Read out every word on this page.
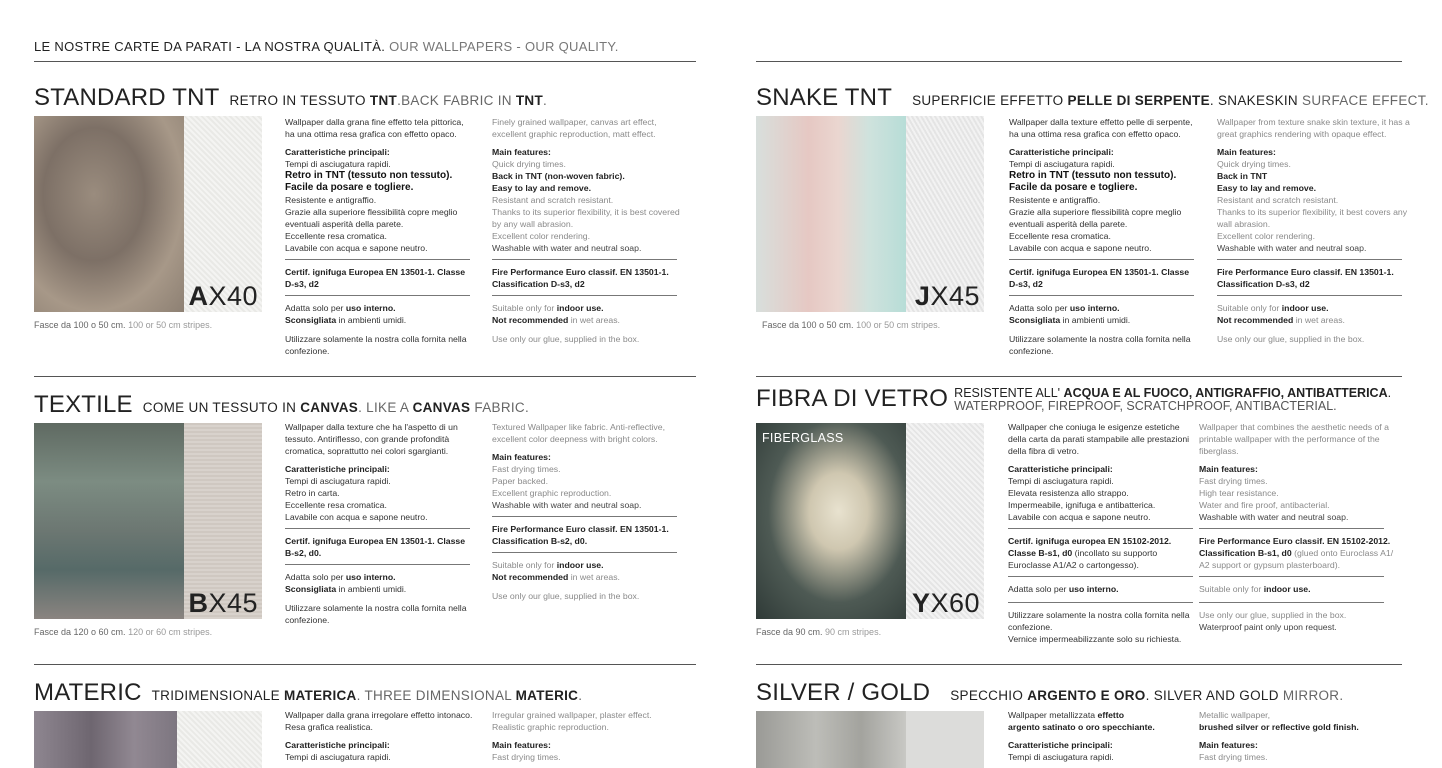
LE NOSTRE CARTE DA PARATI - LA NOSTRA QUALITÀ. OUR WALLPAPERS - OUR QUALITY.
STANDARD TNT RETRO IN TESSUTO TNT.BACK FABRIC IN TNT.
AX40
Fasce da 100 o 50 cm. 100 or 50 cm stripes.

Wallpaper dalla grana fine effetto tela pittorica, ha una ottima resa grafica con effetto opaco.

Caratteristiche principali:
Tempi di asciugatura rapidi.
Retro in TNT (tessuto non tessuto).
Facile da posare e togliere.
Resistente e antigraffio.
Grazie alla superiore flessibilità copre meglio eventuali asperità della parete.
Eccellente resa cromatica.
Lavabile con acqua e sapone neutro.
Certif. ignifuga Europea EN 13501-1. Classe D-s3, d2
Adatta solo per uso interno.

Sconsigliata in ambienti umidi.

Utilizzare solamente la nostra colla fornita nella confezione.

Finely grained wallpaper, canvas art effect, excellent graphic reproduction, matt effect.

Main features:
Quick drying times.
Back in TNT (non-woven fabric).
Easy to lay and remove.
Resistant and scratch resistant.
Thanks to its superior flexibility, it is best covered by any wall abrasion.
Excellent color rendering.
Washable with water and neutral soap.
Fire Performance Euro classif. EN 13501-1. Classification D-s3, d2
Suitable only for indoor use.

Not recommended in wet areas.

Use only our glue, supplied in the box.

TEXTILE COME UN TESSUTO IN CANVAS. LIKE A CANVAS FABRIC.
BX45
Fasce da 120 o 60 cm. 120 or 60 cm stripes.

Wallpaper dalla texture che ha l'aspetto di un tessuto. Antiriflesso, con grande profondità cromatica, soprattutto nei colori sgargianti.

Caratteristiche principali:
Tempi di asciugatura rapidi.
Retro in carta.
Eccellente resa cromatica.
Lavabile con acqua e sapone neutro.
Certif. ignifuga Europea EN 13501-1. Classe B-s2, d0.
Adatta solo per uso interno.

Sconsigliata in ambienti umidi.

Utilizzare solamente la nostra colla fornita nella confezione.

Textured Wallpaper like fabric. Anti-reflective, excellent color deepness with bright colors.

Main features:
Fast drying times.
Paper backed.
Excellent graphic reproduction.
Washable with water and neutral soap.
Fire Performance Euro classif. EN 13501-1. Classification B-s2, d0.
Suitable only for indoor use.

Not recommended in wet areas.

Use only our glue, supplied in the box.

MATERIC TRIDIMENSIONALE MATERICA. THREE DIMENSIONAL MATERIC.

Wallpaper dalla grana irregolare effetto intonaco. Resa grafica realistica.

Caratteristiche principali:
Tempi di asciugatura rapidi.

Irregular grained wallpaper, plaster effect. Realistic graphic reproduction.

Main features:
Fast drying times.
SNAKE TNT SUPERFICIE EFFETTO PELLE DI SERPENTE. SNAKESKIN SURFACE EFFECT.
JX45
Fasce da 100 o 50 cm. 100 or 50 cm stripes.

Wallpaper dalla texture effetto pelle di serpente, ha una ottima resa grafica con effetto opaco.

Caratteristiche principali:
Tempi di asciugatura rapidi.
Retro in TNT (tessuto non tessuto).
Facile da posare e togliere.
Resistente e antigraffio.
Grazie alla superiore flessibilità copre meglio eventuali asperità della parete.
Eccellente resa cromatica.
Lavabile con acqua e sapone neutro.
Certif. ignifuga Europea EN 13501-1. Classe D-s3, d2
Adatta solo per uso interno.

Sconsigliata in ambienti umidi.

Utilizzare solamente la nostra colla fornita nella confezione.

Wallpaper from texture snake skin texture, it has a great graphics rendering with opaque effect.

Main features:
Quick drying times.
Back in TNT
Easy to lay and remove.
Resistant and scratch resistant.
Thanks to its superior flexibility, it best covers any wall abrasion.
Excellent color rendering.
Washable with water and neutral soap.
Fire Performance Euro classif. EN 13501-1. Classification D-s3, d2
Suitable only for indoor use.

Not recommended in wet areas.

Use only our glue, supplied in the box.

FIBRA DI VETRO RESISTENTE ALL' ACQUA E AL FUOCO, ANTIGRAFFIO, ANTIBATTERICA.
WATERPROOF, FIREPROOF, SCRATCHPROOF, ANTIBACTERIAL.
FIBERGLASS
YX60
Fasce da 90 cm. 90 cm stripes.

Wallpaper che coniuga le esigenze estetiche della carta da parati stampabile alle prestazioni della fibra di vetro.

Caratteristiche principali:
Tempi di asciugatura rapidi.
Elevata resistenza allo strappo.
Impermeabile, ignifuga e antibatterica.
Lavabile con acqua e sapone neutro.
Certif. ignifuga europea EN 15102-2012. Classe B-s1, d0 (incollato su supporto Euroclasse A1/A2 o cartongesso).

Adatta solo per uso interno.

Utilizzare solamente la nostra colla fornita nella confezione.
Vernice impermeabilizzante solo su richiesta.

Wallpaper that combines the aesthetic needs of a printable wallpaper with the performance of the fiberglass.

Main features:
Fast drying times.
High tear resistance.
Water and fire proof, antibacterial.
Washable with water and neutral soap.
Fire Performance Euro classif. EN 15102-2012. Classification B-s1, d0 (glued onto Euroclass A1/ A2 support or gypsum plasterboard).

Suitable only for indoor use.

Use only our glue, supplied in the box.
Waterproof paint only upon request.
SILVER / GOLD SPECCHIO ARGENTO E ORO. SILVER AND GOLD MIRROR.
Wallpaper metallizzata effetto

argento satinato o oro specchiante.

Caratteristiche principali:
Tempi di asciugatura rapidi.
Metallic wallpaper,

brushed silver or reflective gold finish.

Main features:
Fast drying times.
